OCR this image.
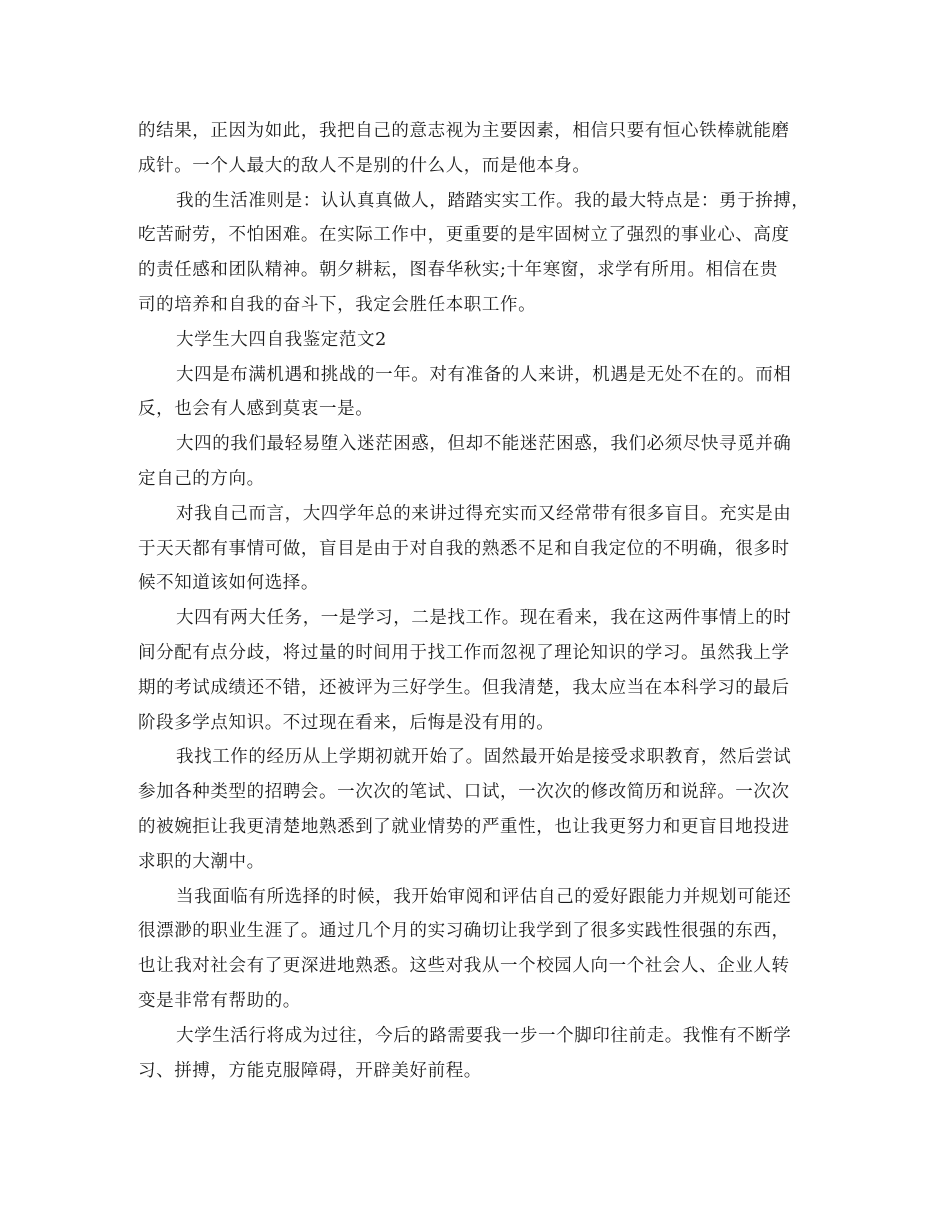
的结果，正因为如此，我把自己的意志视为主要因素，相信只要有恒心铁棒就能磨
成针。一个人最大的敌人不是别的什么人，而是他本身。
我的生活准则是：认认真真做人，踏踏实实工作。我的最大特点是：勇于拚搏，
吃苦耐劳，不怕困难。在实际工作中，更重要的是牢固树立了强烈的事业心、高度
的责任感和团队精神。朝夕耕耘，图春华秋实;十年寒窗，求学有所用。相信在贵
司的培养和自我的奋斗下，我定会胜任本职工作。
大学生大四自我鉴定范文2
大四是布满机遇和挑战的一年。对有准备的人来讲，机遇是无处不在的。而相
反，也会有人感到莫衷一是。
大四的我们最轻易堕入迷茫困惑，但却不能迷茫困惑，我们必须尽快寻觅并确
定自己的方向。
对我自己而言，大四学年总的来讲过得充实而又经常带有很多盲目。充实是由
于天天都有事情可做，盲目是由于对自我的熟悉不足和自我定位的不明确，很多时
候不知道该如何选择。
大四有两大任务，一是学习，二是找工作。现在看来，我在这两件事情上的时
间分配有点分歧，将过量的时间用于找工作而忽视了理论知识的学习。虽然我上学
期的考试成绩还不错，还被评为三好学生。但我清楚，我太应当在本科学习的最后
阶段多学点知识。不过现在看来，后悔是没有用的。
我找工作的经历从上学期初就开始了。固然最开始是接受求职教育，然后尝试
参加各种类型的招聘会。一次次的笔试、口试，一次次的修改简历和说辞。一次次
的被婉拒让我更清楚地熟悉到了就业情势的严重性，也让我更努力和更盲目地投进
求职的大潮中。
当我面临有所选择的时候，我开始审阅和评估自己的爱好跟能力并规划可能还
很漂渺的职业生涯了。通过几个月的实习确切让我学到了很多实践性很强的东西，
也让我对社会有了更深进地熟悉。这些对我从一个校园人向一个社会人、企业人转
变是非常有帮助的。
大学生活行将成为过往，今后的路需要我一步一个脚印往前走。我惟有不断学
习、拼搏，方能克服障碍，开辟美好前程。
